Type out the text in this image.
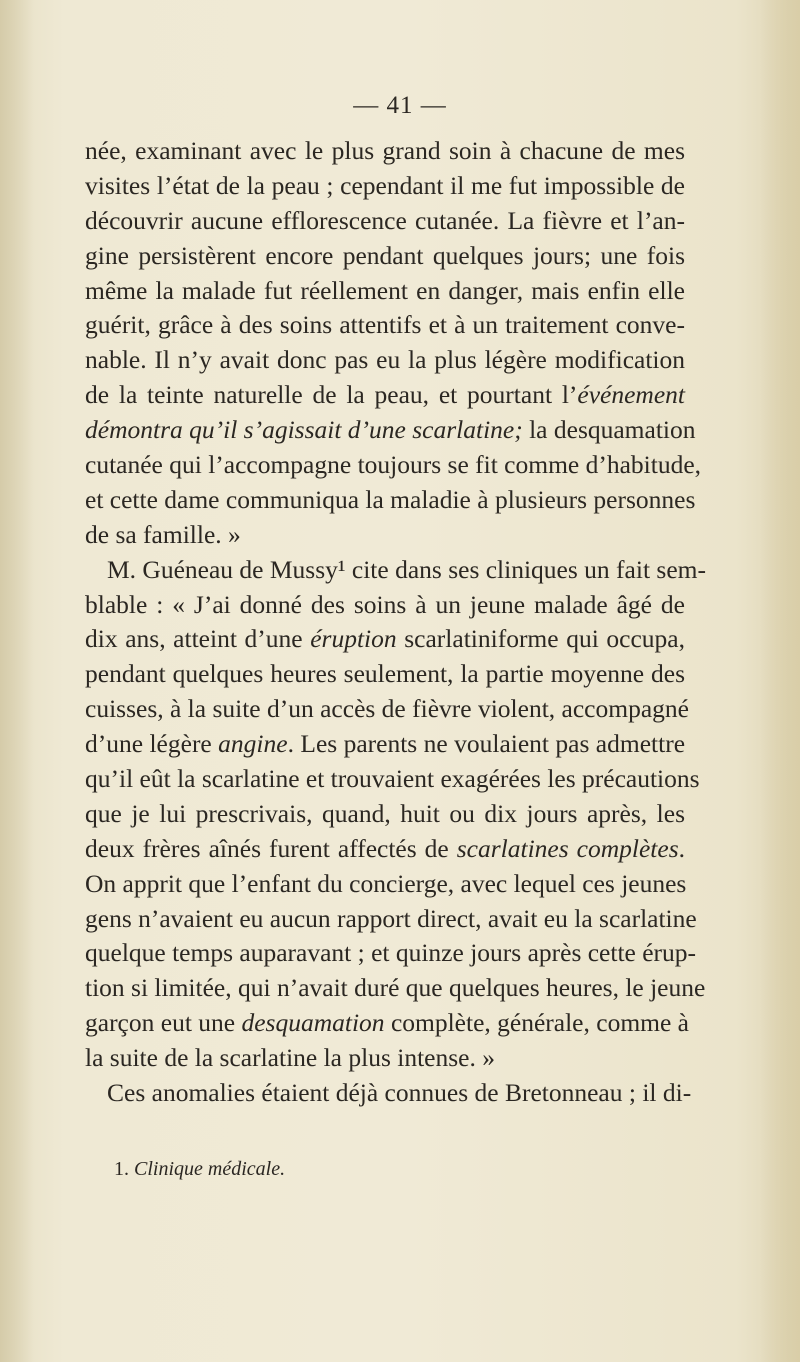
— 41 —
née, examinant avec le plus grand soin à chacune de mes
visites l’état de la peau ; cependant il me fut impossible de
découvrir aucune efflorescence cutanée. La fièvre et l’an-
gine persistèrent encore pendant quelques jours; une fois
même la malade fut réellement en danger, mais enfin elle
guérit, grâce à des soins attentifs et à un traitement conve-
nable. Il n’y avait donc pas eu la plus légère modification
de la teinte naturelle de la peau, et pourtant l’événement
démontra qu’il s’agissait d’une scarlatine; la desquamation
cutanée qui l’accompagne toujours se fit comme d’habitude,
et cette dame communiqua la maladie à plusieurs personnes
de sa famille. »
M. Guéneau de Mussy¹ cite dans ses cliniques un fait sem-
blable : « J’ai donné des soins à un jeune malade âgé de
dix ans, atteint d’une éruption scarlatiniforme qui occupa,
pendant quelques heures seulement, la partie moyenne des
cuisses, à la suite d’un accès de fièvre violent, accompagné
d’une légère angine. Les parents ne voulaient pas admettre
qu’il eût la scarlatine et trouvaient exagérées les précautions
que je lui prescrivais, quand, huit ou dix jours après, les
deux frères aînés furent affectés de scarlatines complètes.
On apprit que l’enfant du concierge, avec lequel ces jeunes
gens n’avaient eu aucun rapport direct, avait eu la scarlatine
quelque temps auparavant ; et quinze jours après cette érup-
tion si limitée, qui n’avait duré que quelques heures, le jeune
garçon eut une desquamation complète, générale, comme à
la suite de la scarlatine la plus intense. »
Ces anomalies étaient déjà connues de Bretonneau ; il di-
1. Clinique médicale.
